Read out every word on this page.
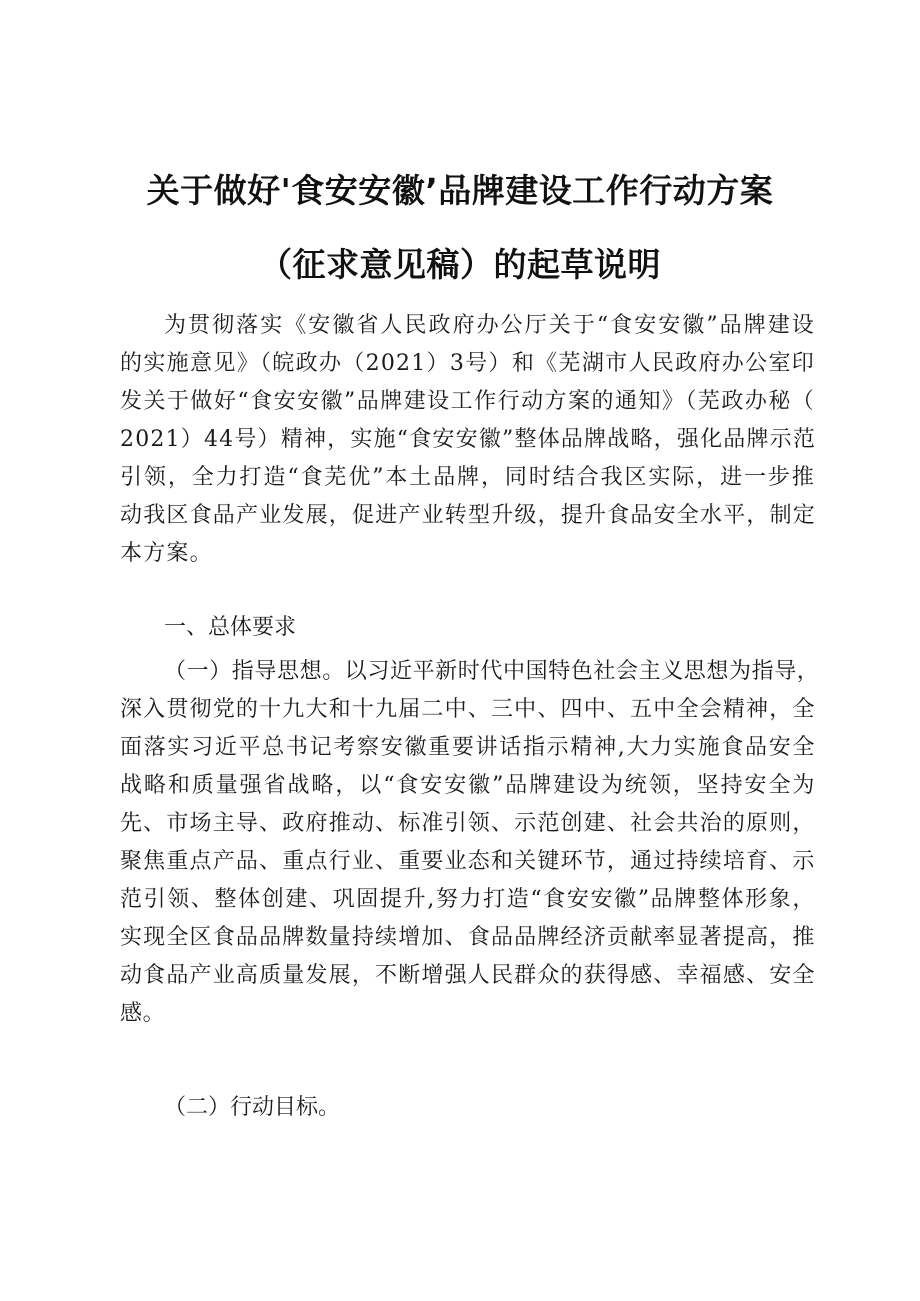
关于做好'食安安徽’品牌建设工作行动方案
（征求意见稿）的起草说明
为贯彻落实《安徽省人民政府办公厅关于“食安安徽”品牌建设
的实施意见》（皖政办（2021）3号）和《芜湖市人民政府办公室印
发关于做好“食安安徽”品牌建设工作行动方案的通知》（芜政办秘（
2021）44号）精神，实施“食安安徽”整体品牌战略，强化品牌示范
引领，全力打造“食芜优”本土品牌，同时结合我区实际，进一步推
动我区食品产业发展，促进产业转型升级，提升食品安全水平，制定
本方案。
一、总体要求
（一）指导思想。以习近平新时代中国特色社会主义思想为指导，
深入贯彻党的十九大和十九届二中、三中、四中、五中全会精神，全
面落实习近平总书记考察安徽重要讲话指示精神,大力实施食品安全
战略和质量强省战略，以“食安安徽”品牌建设为统领，坚持安全为
先、市场主导、政府推动、标准引领、示范创建、社会共治的原则，
聚焦重点产品、重点行业、重要业态和关键环节，通过持续培育、示
范引领、整体创建、巩固提升,努力打造“食安安徽”品牌整体形象，
实现全区食品品牌数量持续增加、食品品牌经济贡献率显著提高，推
动食品产业高质量发展，不断增强人民群众的获得感、幸福感、安全
感。
（二）行动目标。
